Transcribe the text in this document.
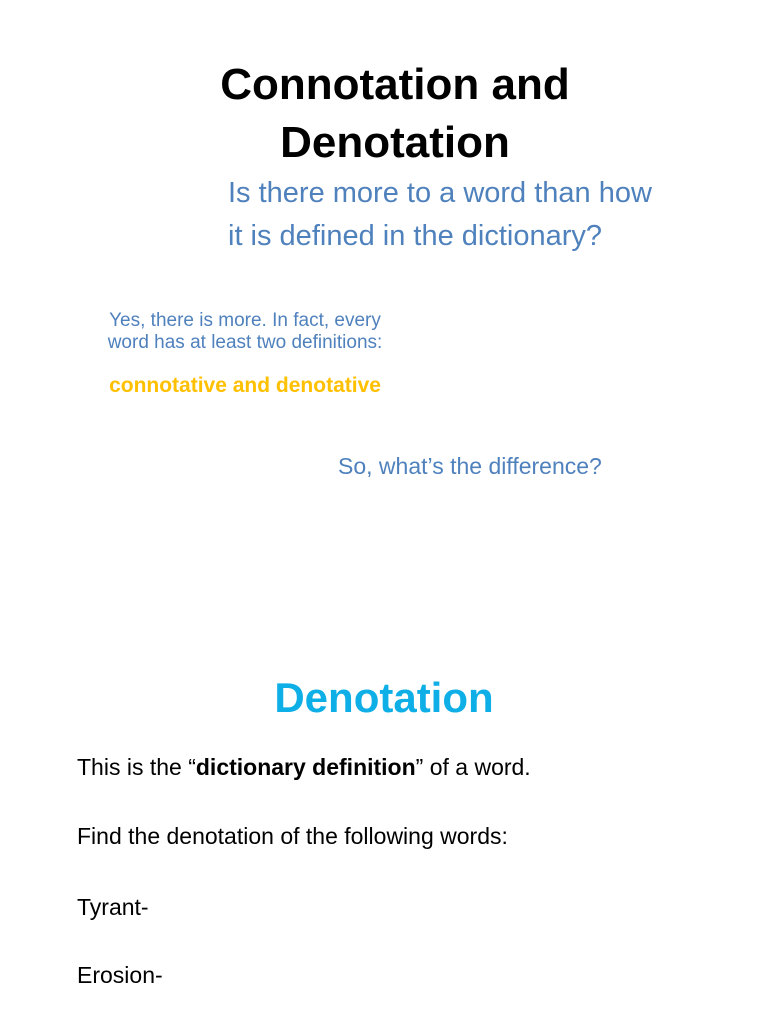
Connotation and
Denotation
Is there more to a word than how
it is defined in the dictionary?
Yes, there is more. In fact, every
word has at least two definitions:
connotative and denotative
So, what’s the difference?
Denotation
This is the “dictionary definition” of a word.
Find the denotation of the following words:
Tyrant-
Erosion-
